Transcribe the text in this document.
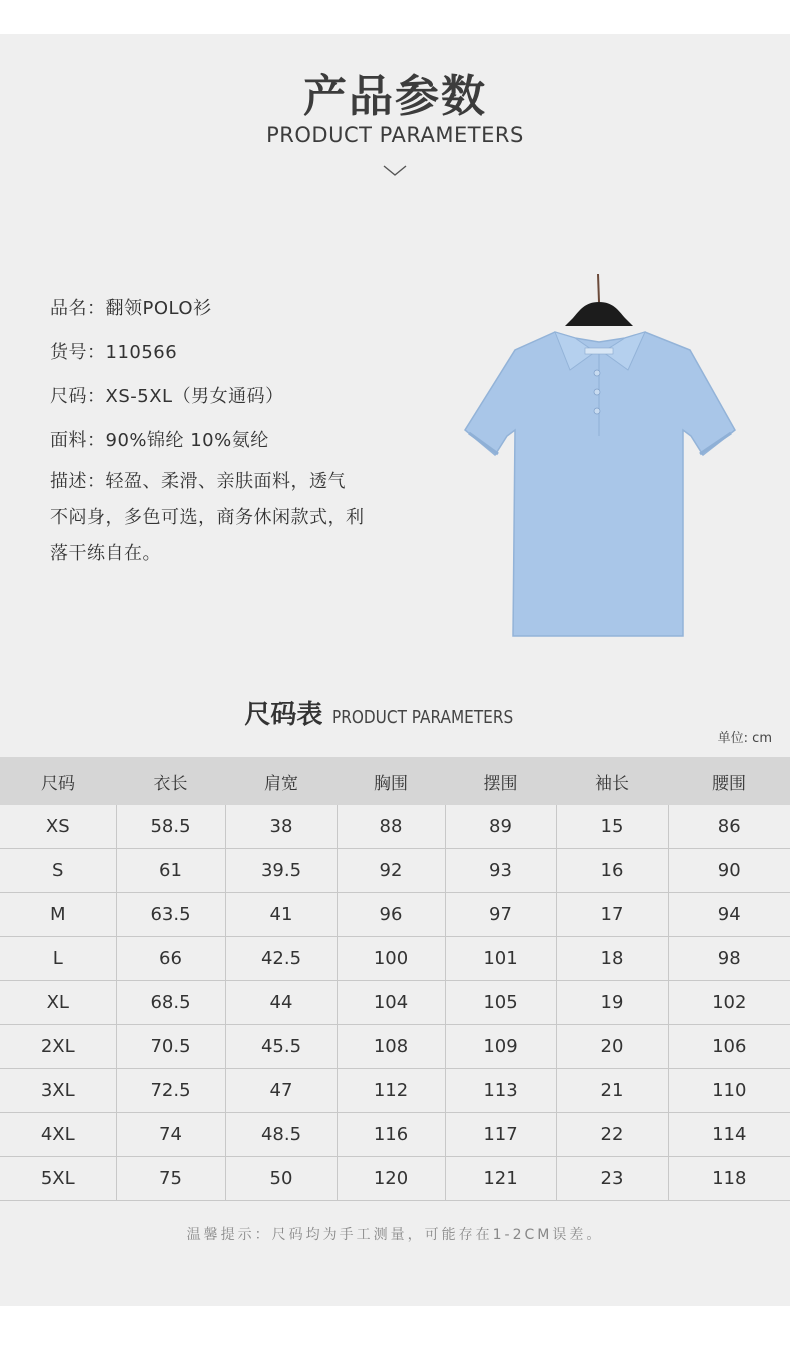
产品参数
PRODUCT PARAMETERS
品名：翻领POLO衫
货号：110566
尺码：XS-5XL（男女通码）
面料：90%锦纶 10%氨纶
描述：轻盈、柔滑、亲肤面料，透气
不闷身，多色可选，商务休闲款式，利
落干练自在。
尺码表 PRODUCT PARAMETERS
单位: cm
尺码	衣长	肩宽	胸围	摆围	袖长	腰围
XS	58.5	38	88	89	15	86
S	61	39.5	92	93	16	90
M	63.5	41	96	97	17	94
L	66	42.5	100	101	18	98
XL	68.5	44	104	105	19	102
2XL	70.5	45.5	108	109	20	106
3XL	72.5	47	112	113	21	110
4XL	74	48.5	116	117	22	114
5XL	75	50	120	121	23	118
温馨提示：尺码均为手工测量，可能存在1-2CM误差。
